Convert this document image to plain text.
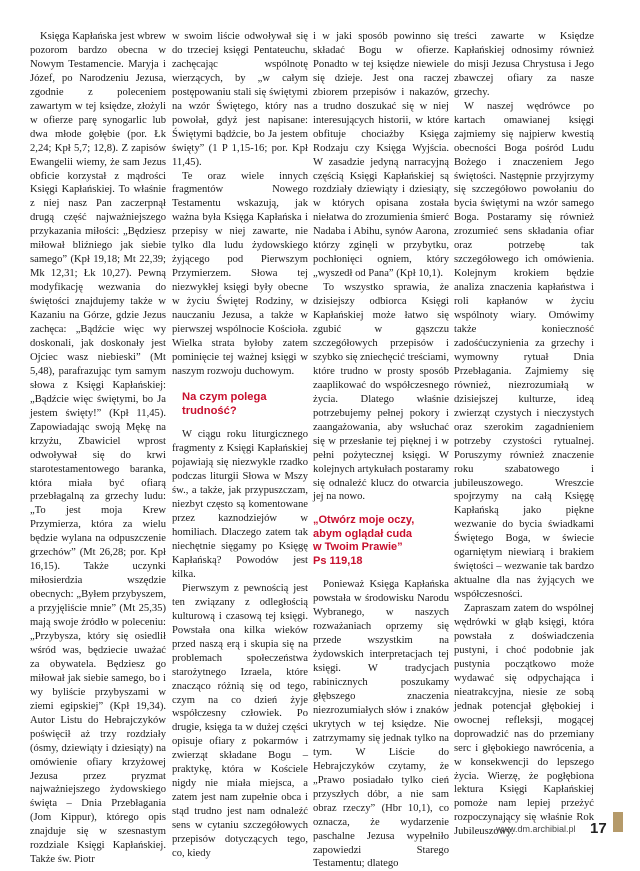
Księga Kapłańska jest wbrew pozorom bardzo obecna w Nowym Testamencie. Maryja i Józef, po Narodzeniu Jezusa, zgodnie z poleceniem zawartym w tej księdze, złożyli w ofierze parę synogarlic lub dwa młode gołębie (por. Łk 2,24; Kpł 5,7; 12,8). Z zapisów Ewangelii wiemy, że sam Jezus obficie korzystał z mądrości Księgi Kapłańskiej. To właśnie z niej nasz Pan zaczerpnął drugą część najważniejszego przykazania miłości: „Będziesz miłował bliźniego jak siebie samego” (Kpł 19,18; Mt 22,39; Mk 12,31; Łk 10,27). Pewną modyfikację wezwania do świętości znajdujemy także w Kazaniu na Górze, gdzie Jezus zachęca: „Bądźcie więc wy doskonali, jak doskonały jest Ojciec wasz niebieski” (Mt 5,48), parafrazując tym samym słowa z Księgi Kapłańskiej: „Bądźcie więc świętymi, bo Ja jestem święty!” (Kpł 11,45). Zapowiadając swoją Mękę na krzyżu, Zbawiciel wprost odwoływał się do krwi starotestamentowego baranka, która miała być ofiarą przebłagalną za grzechy ludu: „To jest moja Krew Przymierza, która za wielu będzie wylana na odpuszczenie grzechów” (Mt 26,28; por. Kpł 16,15). Także uczynki miłosierdzia wszędzie obecnych: „Byłem przybyszem, a przyjęliście mnie” (Mt 25,35) mają swoje źródło w poleceniu: „Przybysza, który się osiedlił wśród was, będziecie uważać za obywatela. Będziesz go miłował jak siebie samego, bo i wy byliście przybyszami w ziemi egipskiej” (Kpł 19,34). Autor Listu do Hebrajczyków poświęcił aż trzy rozdziały (ósmy, dziewiąty i dziesiąty) na omówienie ofiary krzyżowej Jezusa przez pryzmat najważniejszego żydowskiego święta – Dnia Przebłagania (Jom Kippur), którego opis znajduje się w szesnastym rozdziale Księgi Kapłańskiej. Także św. Piotr

w swoim liście odwoływał się do trzeciej księgi Pentateuchu, zachęcając wspólnotę wierzących, by „w całym postępowaniu stali się świętymi na wzór Świętego, który nas powołał, gdyż jest napisane: Świętymi bądźcie, bo Ja jestem święty” (1 P 1,15-16; por. Kpł 11,45).

Te oraz wiele innych fragmentów Nowego Testamentu wskazują, jak ważna była Księga Kapłańska i przepisy w niej zawarte, nie tylko dla ludu żydowskiego żyjącego pod Pierwszym Przymierzem. Słowa tej niezwykłej księgi były obecne w życiu Świętej Rodziny, w nauczaniu Jezusa, a także w pierwszej wspólnocie Kościoła. Wielka strata byłoby zatem pominięcie tej ważnej księgi w naszym rozwoju duchowym.

Na czym polega trudność?

W ciągu roku liturgicznego fragmenty z Księgi Kapłańskiej pojawiają się niezwykle rzadko podczas liturgii Słowa w Mszy św., a także, jak przypuszczam, niezbyt często są komentowane przez kaznodziejów w homiliach. Dlaczego zatem tak niechętnie sięgamy po Księgę Kapłańską? Powodów jest kilka.

Pierwszym z pewnością jest ten związany z odległością kulturową i czasową tej księgi. Powstała ona kilka wieków przed naszą erą i skupia się na problemach społeczeństwa starożytnego Izraela, które znacząco różnią się od tego, czym na co dzień żyje współczesny człowiek. Po drugie, księga ta w dużej części opisuje ofiary z pokarmów i zwierząt składane Bogu – praktykę, która w Kościele nigdy nie miała miejsca, a zatem jest nam zupełnie obca i stąd trudno jest nam odnaleźć sens w cytaniu szczegółowych przepisów dotyczących tego, co, kiedy

i w jaki sposób powinno się składać Bogu w ofierze. Ponadto w tej księdze niewiele się dzieje. Jest ona raczej zbiorem przepisów i nakazów, a trudno doszukać się w niej interesujących historii, w które obfituje chociażby Księga Rodzaju czy Księga Wyjścia. W zasadzie jedyną narracyjną częścią Księgi Kapłańskiej są rozdziały dziewiąty i dziesiąty, w których opisana została niełatwa do zrozumienia śmierć Nadaba i Abihu, synów Aarona, którzy zginęli w przybytku, pochłonięci ogniem, który „wyszedł od Pana” (Kpł 10,1).

To wszystko sprawia, że dzisiejszy odbiorca Księgi Kapłańskiej może łatwo się zgubić w gąszczu szczegółowych przepisów i szybko się zniechęcić treściami, które trudno w prosty sposób zaaplikować do współczesnego życia. Dlatego właśnie potrzebujemy pełnej pokory i zaangażowania, aby wsłuchać się w przesłanie tej pięknej i w pełni pożytecznej księgi. W kolejnych artykułach postaramy się odnaleźć klucz do otwarcia jej na nowo.

„Otwórz moje oczy,
abym oglądał cuda
w Twoim Prawie”
Ps 119,18

Ponieważ Księga Kapłańska powstała w środowisku Narodu Wybranego, w naszych rozważaniach oprzemy się przede wszystkim na żydowskich interpretacjach tej księgi. W tradycjach rabinicznych poszukamy głębszego znaczenia niezrozumiałych słów i znaków ukrytych w tej księdze. Nie zatrzymamy się jednak tylko na tym. W Liście do Hebrajczyków czytamy, że „Prawo posiadało tylko cień przyszłych dóbr, a nie sam obraz rzeczy” (Hbr 10,1), co oznacza, że wydarzenie paschalne Jezusa wypełniło zapowiedzi Starego Testamentu; dlatego

treści zawarte w Księdze Kapłańskiej odnosimy również do misji Jezusa Chrystusa i Jego zbawczej ofiary za nasze grzechy.

W naszej wędrówce po kartach omawianej księgi zajmiemy się najpierw kwestią obecności Boga pośród Ludu Bożego i znaczeniem Jego świętości. Następnie przyjrzymy się szczegółowo powołaniu do bycia świętymi na wzór samego Boga. Postaramy się również zrozumieć sens składania ofiar oraz potrzebę tak szczegółowego ich omówienia. Kolejnym krokiem będzie analiza znaczenia kapłaństwa i roli kapłanów w życiu wspólnoty wiary. Omówimy także konieczność zadośćuczynienia za grzechy i wymowny rytuał Dnia Przebłagania. Zajmiemy się również, niezrozumiałą w dzisiejszej kulturze, ideą zwierząt czystych i nieczystych oraz szerokim zagadnieniem potrzeby czystości rytualnej. Poruszymy również znaczenie roku szabatowego i jubileuszowego. Wreszcie spojrzymy na całą Księgę Kapłańską jako piękne wezwanie do bycia świadkami Świętego Boga, w świecie ogarniętym niewiarą i brakiem świętości – wezwanie tak bardzo aktualne dla nas żyjących we współczesności.

Zapraszam zatem do wspólnej wędrówki w głąb księgi, która powstała z doświadczenia pustyni, i choć podobnie jak pustynia początkowo może wydawać się odpychająca i nieatrakcyjna, niesie ze sobą jednak potencjał głębokiej i owocnej refleksji, mogącej doprowadzić nas do przemiany serc i głębokiego nawrócenia, a w konsekwencji do lepszego życia. Wierzę, że pogłębiona lektura Księgi Kapłańskiej pomoże nam lepiej przeżyć rozpoczynający się właśnie Rok Jubileuszowy.

www.dm.archibial.pl 17
